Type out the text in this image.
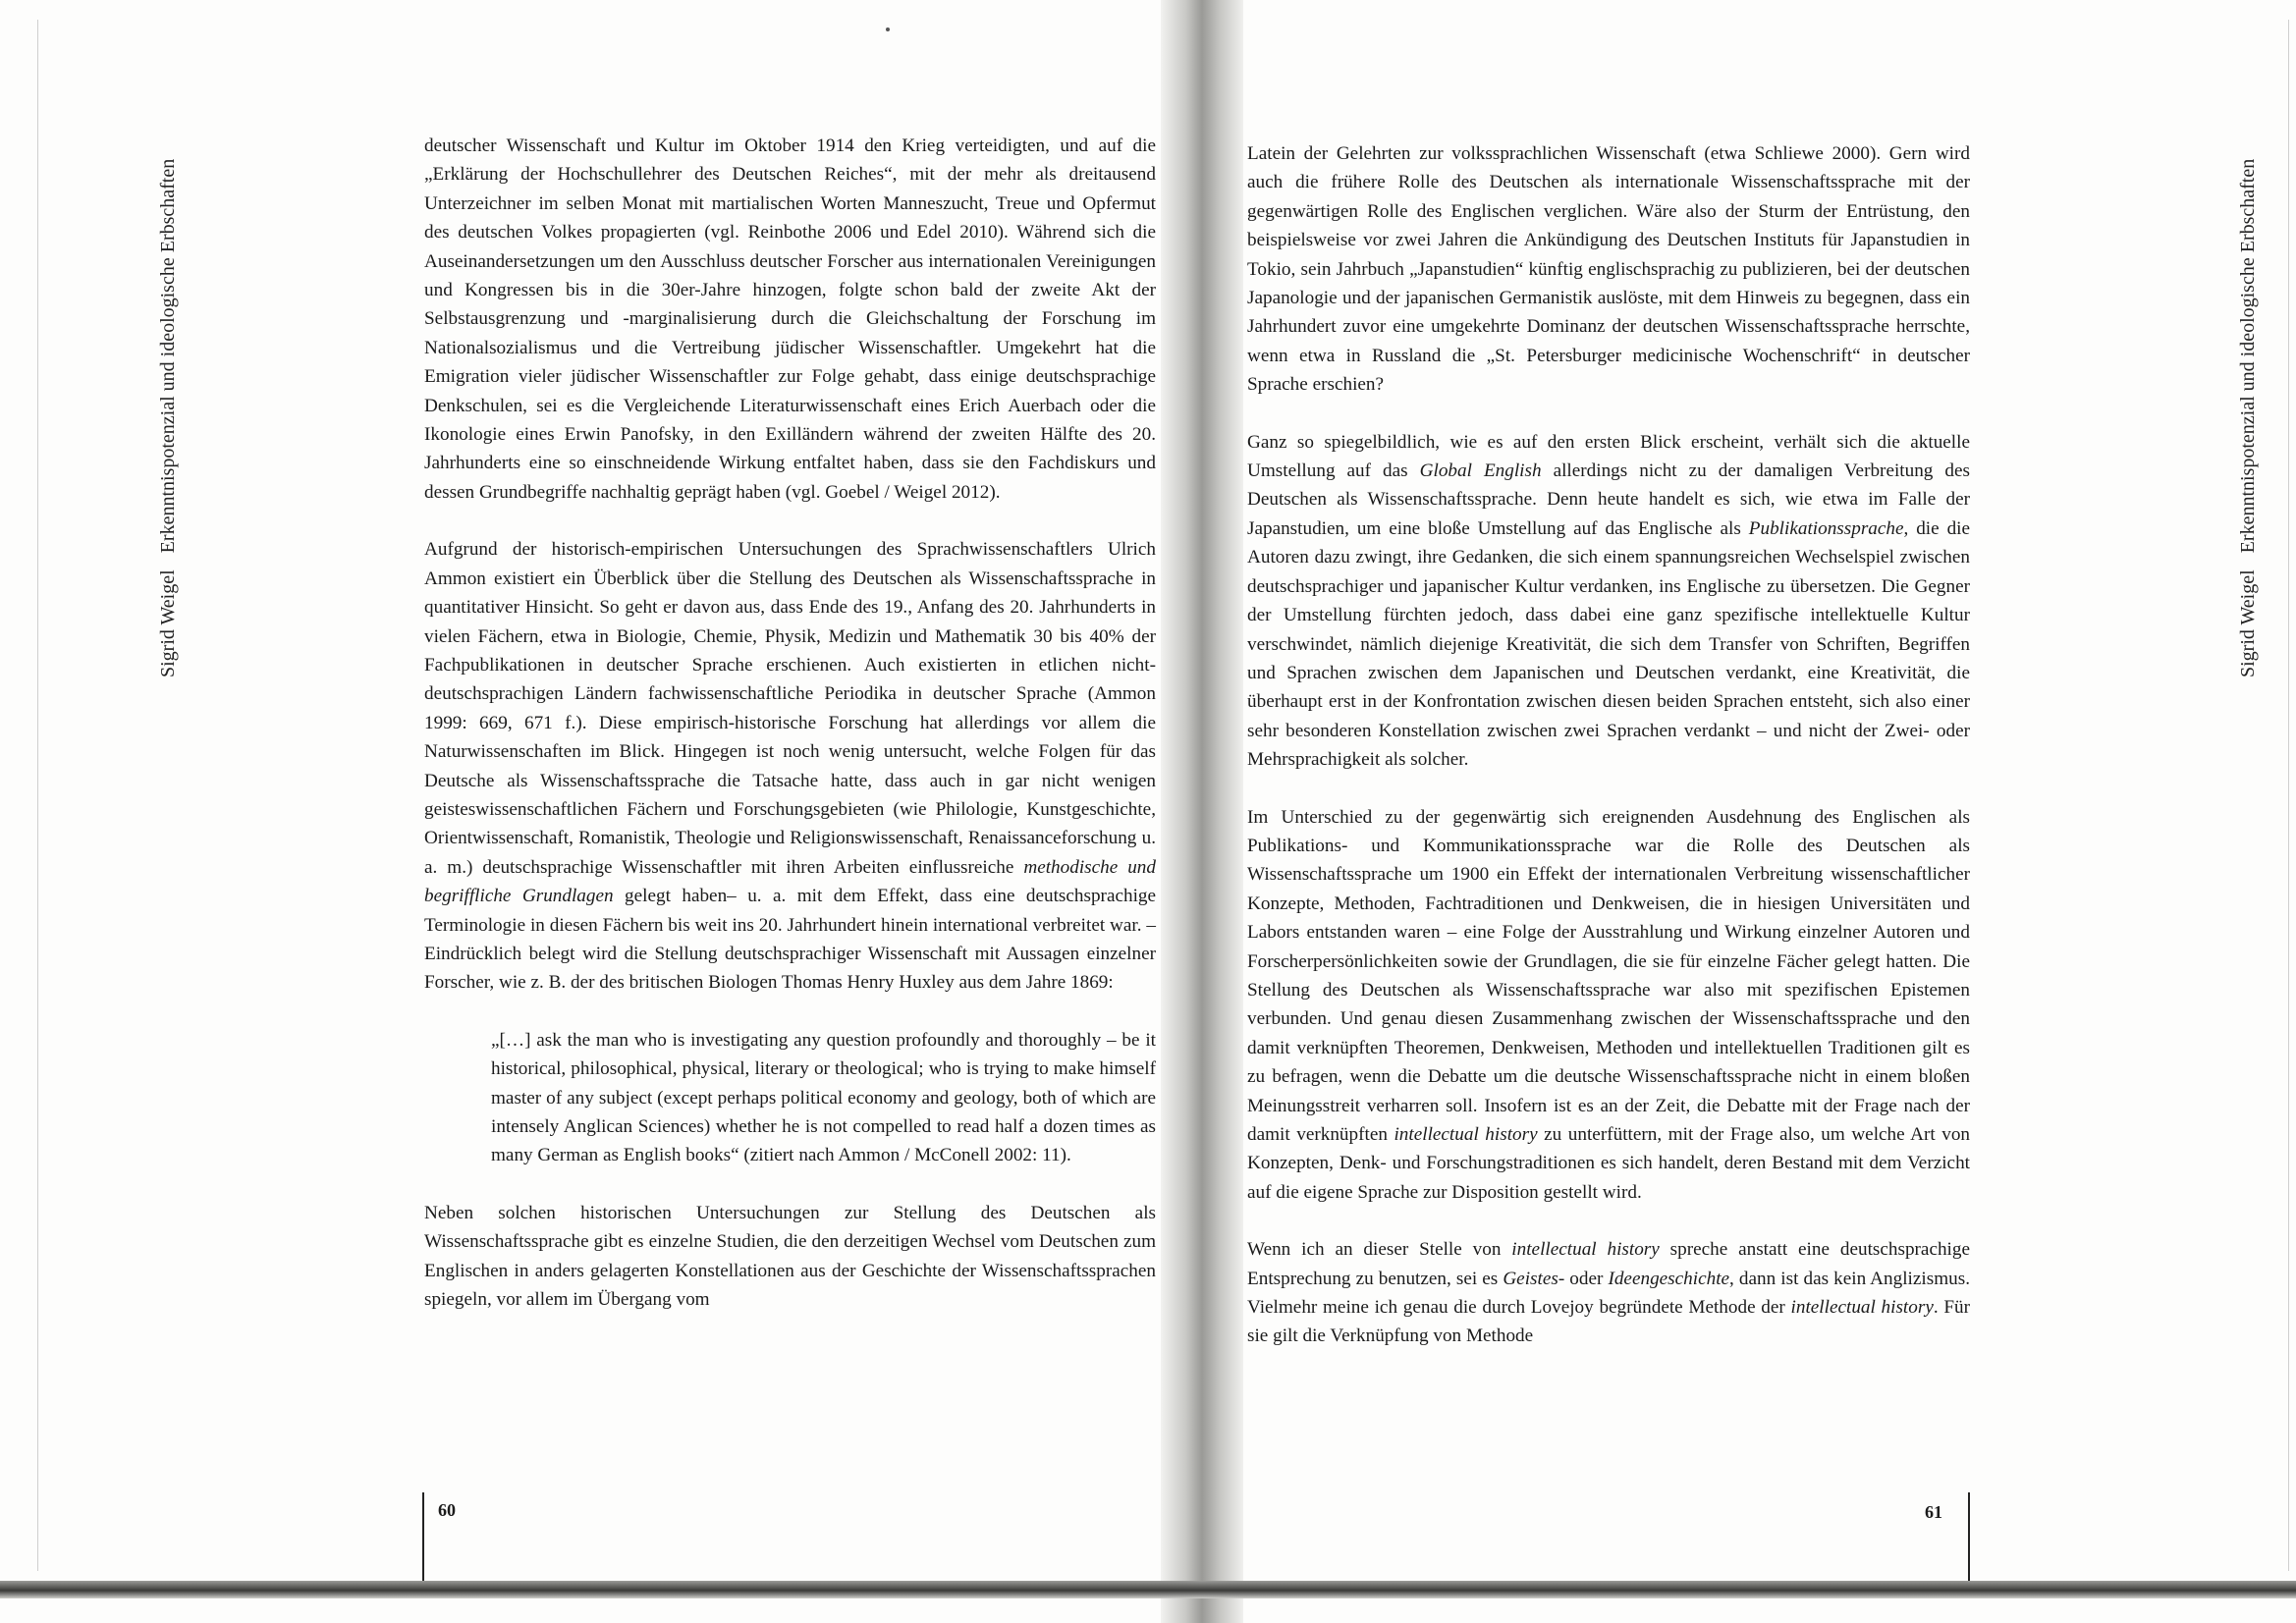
Sigrid Weigel Erkenntnispotenzial und ideologische Erbschaften

deutscher Wissenschaft und Kultur im Oktober 1914 den Krieg verteidigten, und auf die „Erklärung der Hochschullehrer des Deutschen Reiches“, mit der mehr als dreitausend Unterzeichner im selben Monat mit martialischen Worten Manneszucht, Treue und Opfermut des deutschen Volkes propagierten (vgl. Reinbothe 2006 und Edel 2010). Während sich die Auseinandersetzungen um den Ausschluss deutscher Forscher aus internationalen Vereinigungen und Kongressen bis in die 30er-Jahre hinzogen, folgte schon bald der zweite Akt der Selbstausgrenzung und -marginalisierung durch die Gleichschaltung der Forschung im Nationalsozialismus und die Vertreibung jüdischer Wissenschaftler. Umgekehrt hat die Emigration vieler jüdischer Wissenschaftler zur Folge gehabt, dass einige deutschsprachige Denkschulen, sei es die Vergleichende Literaturwissenschaft eines Erich Auerbach oder die Ikonologie eines Erwin Panofsky, in den Exilländern während der zweiten Hälfte des 20. Jahrhunderts eine so einschneidende Wirkung entfaltet haben, dass sie den Fachdiskurs und dessen Grundbegriffe nachhaltig geprägt haben (vgl. Goebel / Weigel 2012).

Aufgrund der historisch-empirischen Untersuchungen des Sprachwissenschaftlers Ulrich Ammon existiert ein Überblick über die Stellung des Deutschen als Wissenschaftssprache in quantitativer Hinsicht. So geht er davon aus, dass Ende des 19., Anfang des 20. Jahrhunderts in vielen Fächern, etwa in Biologie, Chemie, Physik, Medizin und Mathematik 30 bis 40% der Fachpublikationen in deutscher Sprache erschienen. Auch existierten in etlichen nicht-deutschsprachigen Ländern fachwissenschaftliche Periodika in deutscher Sprache (Ammon 1999: 669, 671 f.). Diese empirisch-historische Forschung hat allerdings vor allem die Naturwissenschaften im Blick. Hingegen ist noch wenig untersucht, welche Folgen für das Deutsche als Wissenschaftssprache die Tatsache hatte, dass auch in gar nicht wenigen geisteswissenschaftlichen Fächern und Forschungsgebieten (wie Philologie, Kunstgeschichte, Orientwissenschaft, Romanistik, Theologie und Religionswissenschaft, Renaissanceforschung u. a. m.) deutschsprachige Wissenschaftler mit ihren Arbeiten einflussreiche methodische und begriffliche Grundlagen gelegt haben– u. a. mit dem Effekt, dass eine deutschsprachige Terminologie in diesen Fächern bis weit ins 20. Jahrhundert hinein international verbreitet war. – Eindrücklich belegt wird die Stellung deutschsprachiger Wissenschaft mit Aussagen einzelner Forscher, wie z. B. der des britischen Biologen Thomas Henry Huxley aus dem Jahre 1869:

„[…] ask the man who is investigating any question profoundly and thoroughly – be it historical, philosophical, physical, literary or theological; who is trying to make himself master of any subject (except perhaps political economy and geology, both of which are intensely Anglican Sciences) whether he is not compelled to read half a dozen times as many German as English books“ (zitiert nach Ammon / McConell 2002: 11).

Neben solchen historischen Untersuchungen zur Stellung des Deutschen als Wissenschaftssprache gibt es einzelne Studien, die den derzeitigen Wechsel vom Deutschen zum Englischen in anders gelagerten Konstellationen aus der Geschichte der Wissenschaftssprachen spiegeln, vor allem im Übergang vom

60
Sigrid Weigel Erkenntnispotenzial und ideologische Erbschaften

Latein der Gelehrten zur volkssprachlichen Wissenschaft (etwa Schliewe 2000). Gern wird auch die frühere Rolle des Deutschen als internationale Wissenschaftssprache mit der gegenwärtigen Rolle des Englischen verglichen. Wäre also der Sturm der Entrüstung, den beispielsweise vor zwei Jahren die Ankündigung des Deutschen Instituts für Japanstudien in Tokio, sein Jahrbuch „Japanstudien“ künftig englischsprachig zu publizieren, bei der deutschen Japanologie und der japanischen Germanistik auslöste, mit dem Hinweis zu begegnen, dass ein Jahrhundert zuvor eine umgekehrte Dominanz der deutschen Wissenschaftssprache herrschte, wenn etwa in Russland die „St. Petersburger medicinische Wochenschrift“ in deutscher Sprache erschien?

Ganz so spiegelbildlich, wie es auf den ersten Blick erscheint, verhält sich die aktuelle Umstellung auf das Global English allerdings nicht zu der damaligen Verbreitung des Deutschen als Wissenschaftssprache. Denn heute handelt es sich, wie etwa im Falle der Japanstudien, um eine bloße Umstellung auf das Englische als Publikationssprache, die die Autoren dazu zwingt, ihre Gedanken, die sich einem spannungsreichen Wechselspiel zwischen deutschsprachiger und japanischer Kultur verdanken, ins Englische zu übersetzen. Die Gegner der Umstellung fürchten jedoch, dass dabei eine ganz spezifische intellektuelle Kultur verschwindet, nämlich diejenige Kreativität, die sich dem Transfer von Schriften, Begriffen und Sprachen zwischen dem Japanischen und Deutschen verdankt, eine Kreativität, die überhaupt erst in der Konfrontation zwischen diesen beiden Sprachen entsteht, sich also einer sehr besonderen Konstellation zwischen zwei Sprachen verdankt – und nicht der Zwei- oder Mehrsprachigkeit als solcher.

Im Unterschied zu der gegenwärtig sich ereignenden Ausdehnung des Englischen als Publikations- und Kommunikationssprache war die Rolle des Deutschen als Wissenschaftssprache um 1900 ein Effekt der internationalen Verbreitung wissenschaftlicher Konzepte, Methoden, Fachtraditionen und Denkweisen, die in hiesigen Universitäten und Labors entstanden waren – eine Folge der Ausstrahlung und Wirkung einzelner Autoren und Forscherpersönlichkeiten sowie der Grundlagen, die sie für einzelne Fächer gelegt hatten. Die Stellung des Deutschen als Wissenschaftssprache war also mit spezifischen Epistemen verbunden. Und genau diesen Zusammenhang zwischen der Wissenschaftssprache und den damit verknüpften Theoremen, Denkweisen, Methoden und intellektuellen Traditionen gilt es zu befragen, wenn die Debatte um die deutsche Wissenschaftssprache nicht in einem bloßen Meinungsstreit verharren soll. Insofern ist es an der Zeit, die Debatte mit der Frage nach der damit verknüpften intellectual history zu unterfüttern, mit der Frage also, um welche Art von Konzepten, Denk- und Forschungstraditionen es sich handelt, deren Bestand mit dem Verzicht auf die eigene Sprache zur Disposition gestellt wird.

Wenn ich an dieser Stelle von intellectual history spreche anstatt eine deutschsprachige Entsprechung zu benutzen, sei es Geistes- oder Ideengeschichte, dann ist das kein Anglizismus. Vielmehr meine ich genau die durch Lovejoy begründete Methode der intellectual history. Für sie gilt die Verknüpfung von Methode

61
